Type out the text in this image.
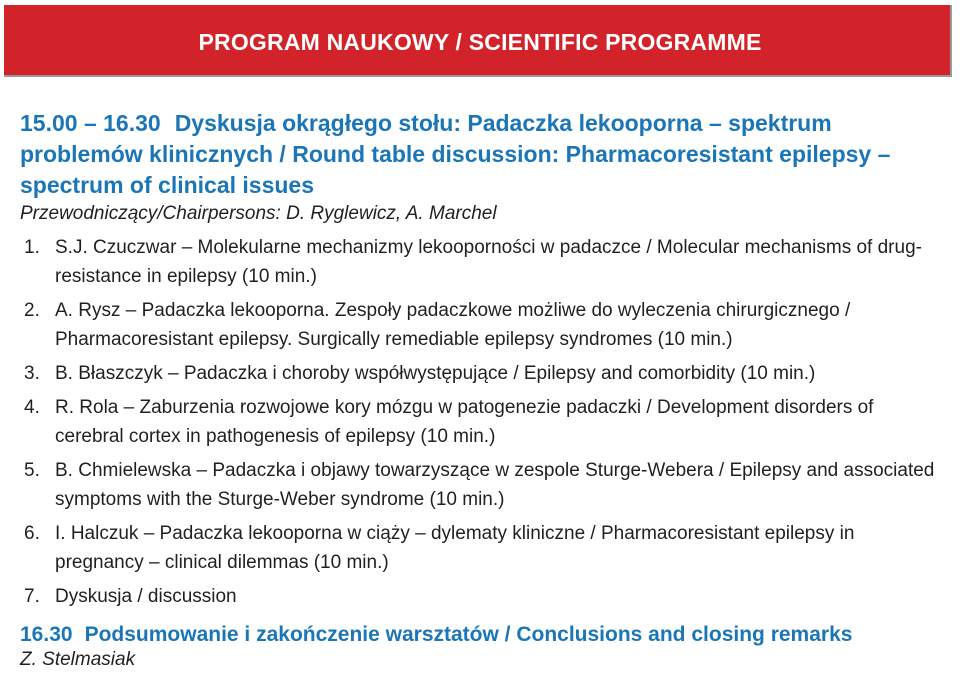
PROGRAM NAUKOWY / SCIENTIFIC PROGRAMME
15.00 – 16.30 Dyskusja okrągłego stołu: Padaczka lekooporna – spektrum problemów klinicznych / Round table discussion: Pharmacoresistant epilepsy – spectrum of clinical issues
Przewodniczący/Chairpersons: D. Ryglewicz, A. Marchel
1. S.J. Czuczwar – Molekularne mechanizmy lekooporności w padaczce / Molecular mechanisms of drug-resistance in epilepsy (10 min.)
2. A. Rysz – Padaczka lekooporna. Zespoły padaczkowe możliwe do wyleczenia chirurgicznego / Pharmacoresistant epilepsy. Surgically remediable epilepsy syndromes (10 min.)
3. B. Błaszczyk – Padaczka i choroby współwystępujące / Epilepsy and comorbidity (10 min.)
4. R. Rola – Zaburzenia rozwojowe kory mózgu w patogenezie padaczki / Development disorders of cerebral cortex in pathogenesis of epilepsy (10 min.)
5. B. Chmielewska – Padaczka i objawy towarzyszące w zespole Sturge-Webera / Epilepsy and associated symptoms with the Sturge-Weber syndrome (10 min.)
6. I. Halczuk – Padaczka lekooporna w ciąży – dylematy kliniczne / Pharmacoresistant epilepsy in pregnancy – clinical dilemmas (10 min.)
7. Dyskusja / discussion
16.30 Podsumowanie i zakończenie warsztatów / Conclusions and closing remarks
Z. Stelmasiak
